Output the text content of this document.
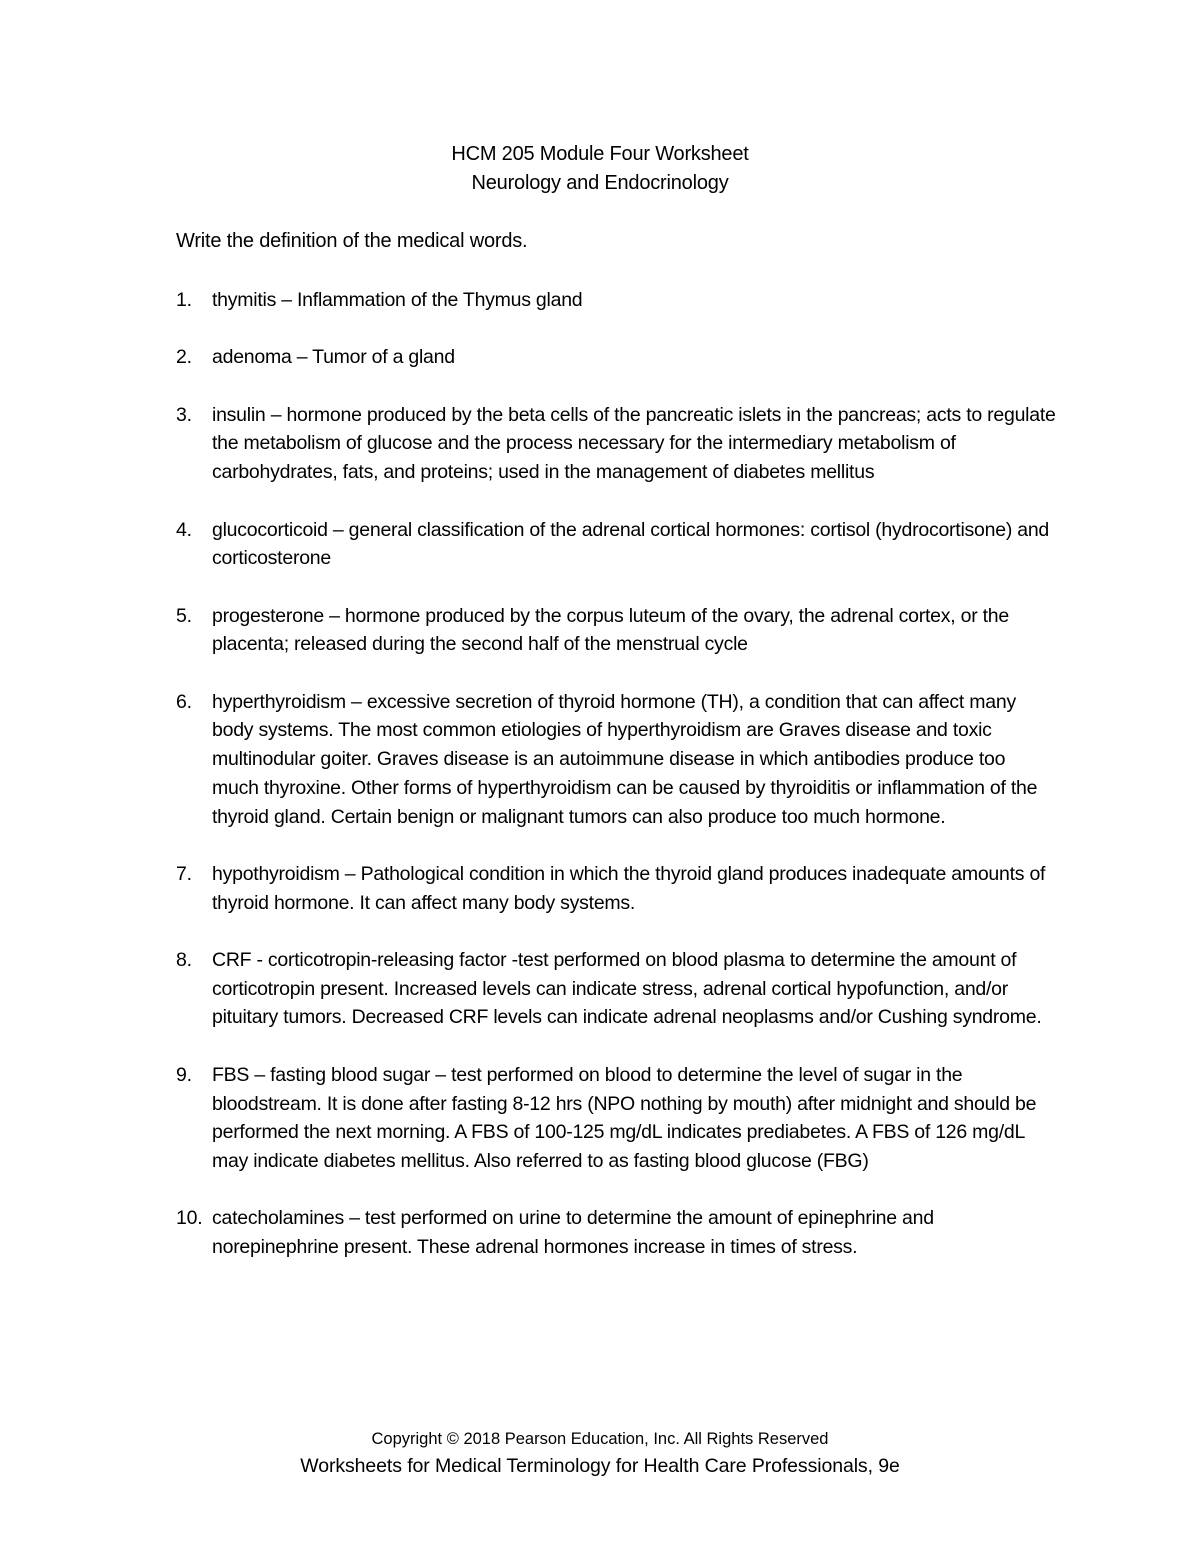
HCM 205 Module Four Worksheet
Neurology and Endocrinology
Write the definition of the medical words.
1. thymitis – Inflammation of the Thymus gland
2. adenoma – Tumor of a gland
3. insulin – hormone produced by the beta cells of the pancreatic islets in the pancreas; acts to regulate the metabolism of glucose and the process necessary for the intermediary metabolism of carbohydrates, fats, and proteins; used in the management of diabetes mellitus
4. glucocorticoid – general classification of the adrenal cortical hormones: cortisol (hydrocortisone) and corticosterone
5. progesterone – hormone produced by the corpus luteum of the ovary, the adrenal cortex, or the placenta; released during the second half of the menstrual cycle
6. hyperthyroidism – excessive secretion of thyroid hormone (TH), a condition that can affect many body systems. The most common etiologies of hyperthyroidism are Graves disease and toxic multinodular goiter. Graves disease is an autoimmune disease in which antibodies produce too much thyroxine. Other forms of hyperthyroidism can be caused by thyroiditis or inflammation of the thyroid gland. Certain benign or malignant tumors can also produce too much hormone.
7. hypothyroidism – Pathological condition in which the thyroid gland produces inadequate amounts of thyroid hormone. It can affect many body systems.
8. CRF - corticotropin-releasing factor -test performed on blood plasma to determine the amount of corticotropin present. Increased levels can indicate stress, adrenal cortical hypofunction, and/or pituitary tumors. Decreased CRF levels can indicate adrenal neoplasms and/or Cushing syndrome.
9. FBS – fasting blood sugar – test performed on blood to determine the level of sugar in the bloodstream. It is done after fasting 8-12 hrs (NPO nothing by mouth) after midnight and should be performed the next morning. A FBS of 100-125 mg/dL indicates prediabetes. A FBS of 126 mg/dL may indicate diabetes mellitus. Also referred to as fasting blood glucose (FBG)
10. catecholamines – test performed on urine to determine the amount of epinephrine and norepinephrine present. These adrenal hormones increase in times of stress.
Copyright © 2018 Pearson Education, Inc. All Rights Reserved
Worksheets for Medical Terminology for Health Care Professionals, 9e
